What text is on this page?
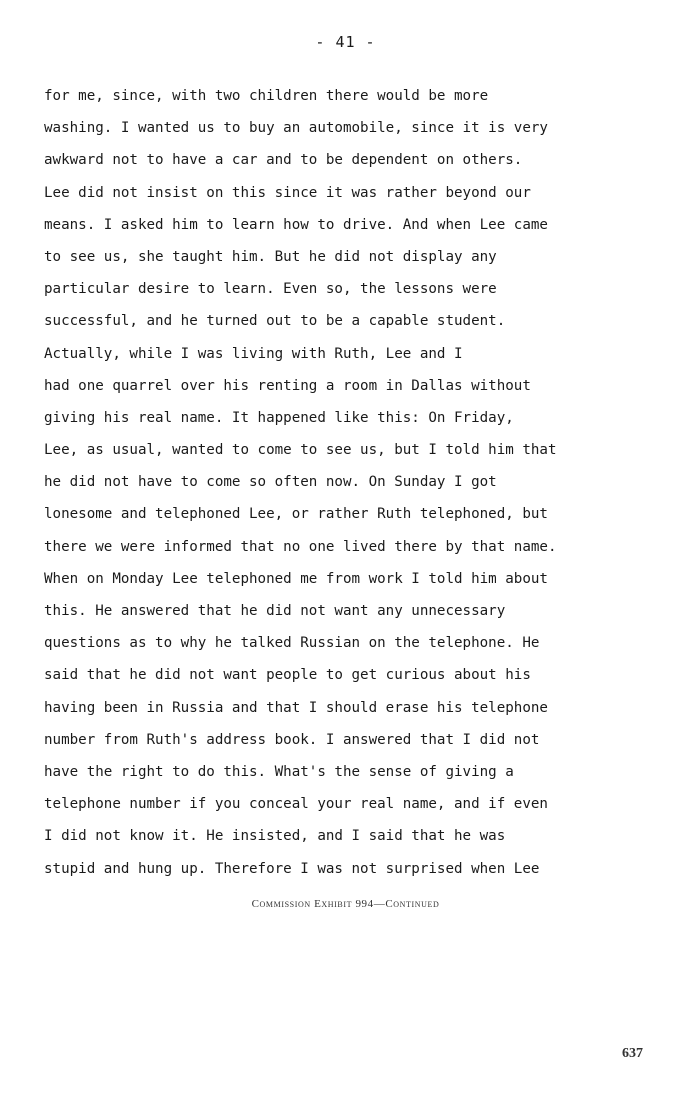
- 41 -
for me, since, with two children there would be more
washing. I wanted us to buy an automobile, since it is very
awkward not to have a car and to be dependent on others.
Lee did not insist on this since it was rather beyond our
means. I asked him to learn how to drive. And when Lee came
to see us, she taught him. But he did not display any
particular desire to learn. Even so, the lessons were
successful, and he turned out to be a capable student.
Actually, while I was living with Ruth, Lee and I
had one quarrel over his renting a room in Dallas without
giving his real name. It happened like this: On Friday,
Lee, as usual, wanted to come to see us, but I told him that
he did not have to come so often now. On Sunday I got
lonesome and telephoned Lee, or rather Ruth telephoned, but
there we were informed that no one lived there by that name.
When on Monday Lee telephoned me from work I told him about
this. He answered that he did not want any unnecessary
questions as to why he talked Russian on the telephone. He
said that he did not want people to get curious about his
having been in Russia and that I should erase his telephone
number from Ruth's address book. I answered that I did not
have the right to do this. What's the sense of giving a
telephone number if you conceal your real name, and if even
I did not know it. He insisted, and I said that he was
stupid and hung up. Therefore I was not surprised when Lee
Commission Exhibit 994—Continued
637
